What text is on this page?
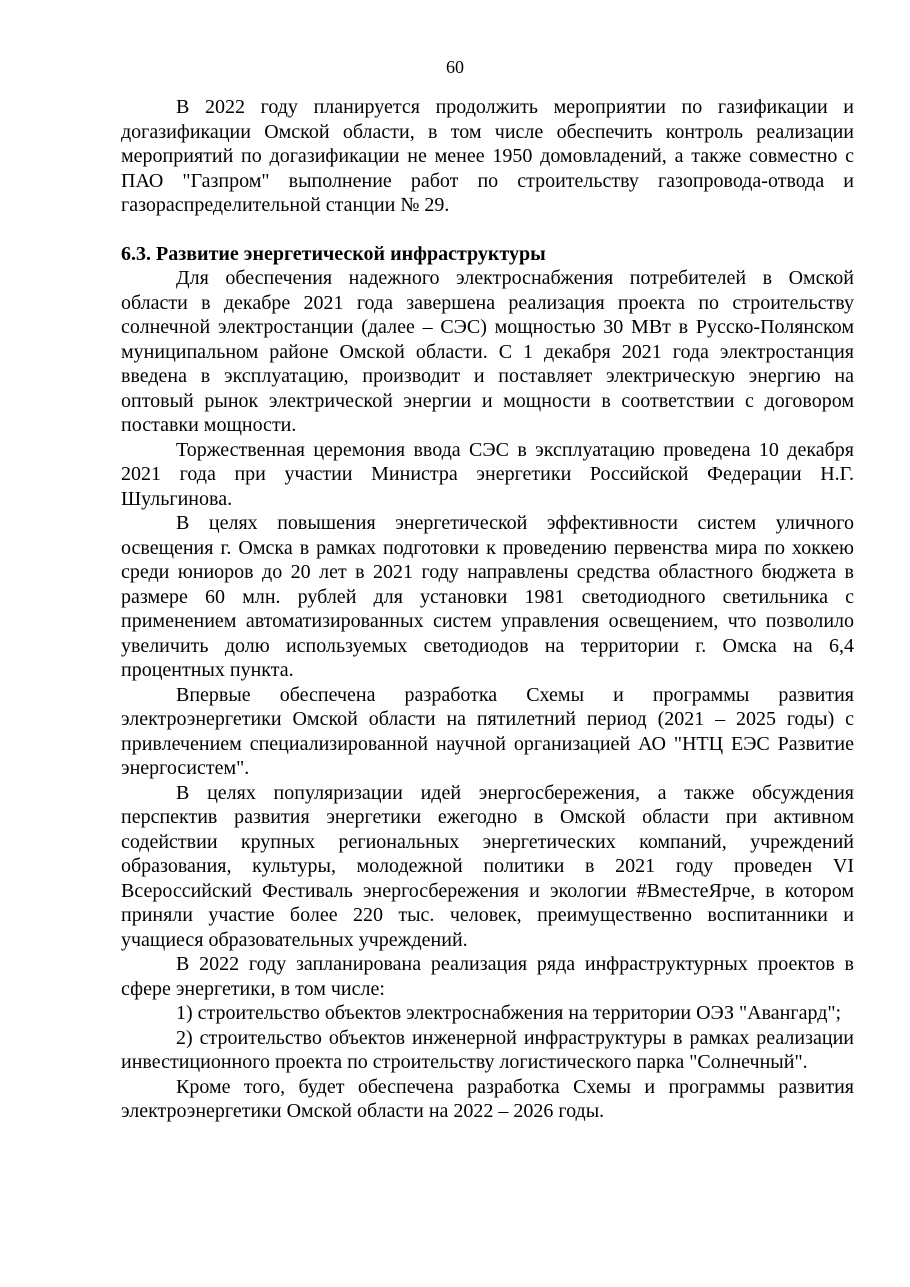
60

В 2022 году планируется продолжить мероприятии по газификации и догазификации Омской области, в том числе обеспечить контроль реализации мероприятий по догазификации не менее 1950 домовладений, а также совместно с ПАО "Газпром" выполнение работ по строительству газопровода-отвода и газораспределительной станции № 29.

6.3. Развитие энергетической инфраструктуры

Для обеспечения надежного электроснабжения потребителей в Омской области в декабре 2021 года завершена реализация проекта по строительству солнечной электростанции (далее – СЭС) мощностью 30 МВт в Русско-Полянском муниципальном районе Омской области. С 1 декабря 2021 года электростанция введена в эксплуатацию, производит и поставляет электрическую энергию на оптовый рынок электрической энергии и мощности в соответствии с договором поставки мощности.

Торжественная церемония ввода СЭС в эксплуатацию проведена 10 декабря 2021 года при участии Министра энергетики Российской Федерации Н.Г. Шульгинова.

В целях повышения энергетической эффективности систем уличного освещения г. Омска в рамках подготовки к проведению первенства мира по хоккею среди юниоров до 20 лет в 2021 году направлены средства областного бюджета в размере 60 млн. рублей для установки 1981 светодиодного светильника с применением автоматизированных систем управления освещением, что позволило увеличить долю используемых светодиодов на территории г. Омска на 6,4 процентных пункта.

Впервые обеспечена разработка Схемы и программы развития электроэнергетики Омской области на пятилетний период (2021 – 2025 годы) с привлечением специализированной научной организацией АО "НТЦ ЕЭС Развитие энергосистем".

В целях популяризации идей энергосбережения, а также обсуждения перспектив развития энергетики ежегодно в Омской области при активном содействии крупных региональных энергетических компаний, учреждений образования, культуры, молодежной политики в 2021 году проведен VI Всероссийский Фестиваль энергосбережения и экологии #ВместеЯрче, в котором приняли участие более 220 тыс. человек, преимущественно воспитанники и учащиеся образовательных учреждений.

В 2022 году запланирована реализация ряда инфраструктурных проектов в сфере энергетики, в том числе:

1) строительство объектов электроснабжения на территории ОЭЗ "Авангард";

2) строительство объектов инженерной инфраструктуры в рамках реализации инвестиционного проекта по строительству логистического парка "Солнечный".

Кроме того, будет обеспечена разработка Схемы и программы развития электроэнергетики Омской области на 2022 – 2026 годы.
